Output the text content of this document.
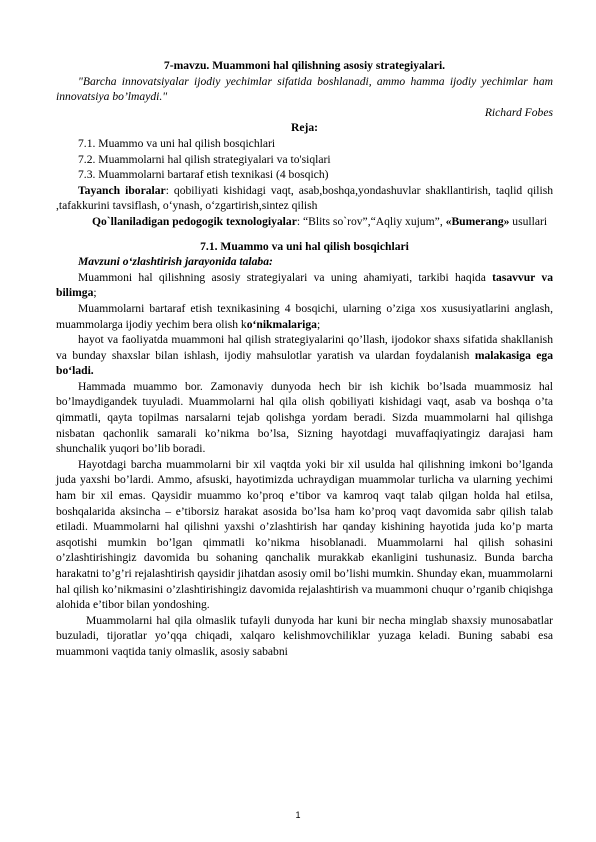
7-mavzu. Muammoni hal qilishning asosiy strategiyalari.

"Barcha innovatsiyalar ijodiy yechimlar sifatida boshlanadi, ammo hamma ijodiy yechimlar ham innovatsiya bo’lmaydi."

Richard Fobes

Reja:

7.1. Muammo va uni hal qilish bosqichlari

7.2. Muammolarni hal qilish strategiyalari va to'siqlari

7.3. Muammolarni bartaraf etish texnikasi (4 bosqich)

Tayanch iboralar: qobiliyati kishidagi vaqt, asab,boshqa,yondashuvlar shakllantirish, taqlid qilish ,tafakkurini tavsiflash, o‘ynash, o‘zgartirish,sintez qilish

Qo`llaniladigan pedogogik texnologiyalar: “Blits so`rov”,“Aqliy xujum”, «Bumerang» usullari

7.1. Muammo va uni hal qilish bosqichlari

Mavzuni o‘zlashtirish jarayonida talaba:

Muammoni hal qilishning asosiy strategiyalari va uning ahamiyati, tarkibi haqida tasavvur va bilimga;

Muammolarni bartaraf etish texnikasining 4 bosqichi, ularning o’ziga xos xususiyatlarini anglash, muammolarga ijodiy yechim bera olish ko‘nikmalariga;

hayot va faoliyatda muammoni hal qilish strategiyalarini qo’llash, ijodokor shaxs sifatida shakllanish va bunday shaxslar bilan ishlash, ijodiy mahsulotlar yaratish va ulardan foydalanish malakasiga ega bo‘ladi.

Hammada muammo bor. Zamonaviy dunyoda hech bir ish kichik bo’lsada muammosiz hal bo’lmaydigandek tuyuladi. Muammolarni hal qila olish qobiliyati kishidagi vaqt, asab va boshqa o’ta qimmatli, qayta topilmas narsalarni tejab qolishga yordam beradi. Sizda muammolarni hal qilishga nisbatan qachonlik samarali ko’nikma bo’lsa, Sizning hayotdagi muvaffaqiyatingiz darajasi ham shunchalik yuqori bo’lib boradi.

Hayotdagi barcha muammolarni bir xil vaqtda yoki bir xil usulda hal qilishning imkoni bo’lganda juda yaxshi bo’lardi. Ammo, afsuski, hayotimizda uchraydigan muammolar turlicha va ularning yechimi ham bir xil emas. Qaysidir muammo ko’proq e’tibor va kamroq vaqt talab qilgan holda hal etilsa, boshqalarida aksincha – e’tiborsiz harakat asosida bo’lsa ham ko’proq vaqt davomida sabr qilish talab etiladi. Muammolarni hal qilishni yaxshi o’zlashtirish har qanday kishining hayotida juda ko’p marta asqotishi mumkin bo’lgan qimmatli ko’nikma hisoblanadi. Muammolarni hal qilish sohasini o’zlashtirishingiz davomida bu sohaning qanchalik murakkab ekanligini tushunasiz. Bunda barcha harakatni to’g’ri rejalashtirish qaysidir jihatdan asosiy omil bo’lishi mumkin. Shunday ekan, muammolarni hal qilish ko’nikmasini o’zlashtirishingiz davomida rejalashtirish va muammoni chuqur o’rganib chiqishga alohida e’tibor bilan yondoshing.

Muammolarni hal qila olmaslik tufayli dunyoda har kuni bir necha minglab shaxsiy munosabatlar buzuladi, tijoratlar yo’qqa chiqadi, xalqaro kelishmovchiliklar yuzaga keladi. Buning sababi esa muammoni vaqtida taniy olmaslik, asosiy sababni

1
